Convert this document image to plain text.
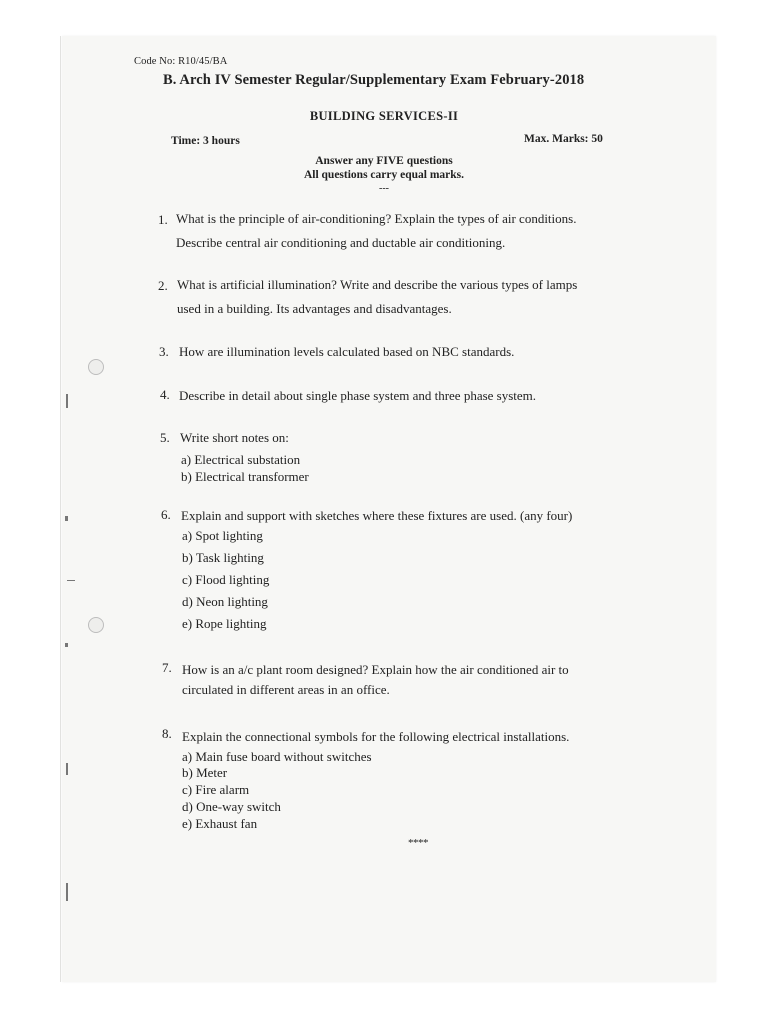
Code No: R10/45/BA
B. Arch IV Semester Regular/Supplementary Exam February-2018
BUILDING SERVICES-II
Time: 3 hours	Max. Marks: 50
Answer any FIVE questions
All questions carry equal marks.
---
1. What is the principle of air-conditioning? Explain the types of air conditions.
Describe central air conditioning and ductable air conditioning.
2. What is artificial illumination? Write and describe the various types of lamps
used in a building. Its advantages and disadvantages.
3. How are illumination levels calculated based on NBC standards.
4. Describe in detail about single phase system and three phase system.
5. Write short notes on:
a) Electrical substation
b) Electrical transformer
6. Explain and support with sketches where these fixtures are used. (any four)
a) Spot lighting
b) Task lighting
c) Flood lighting
d) Neon lighting
e) Rope lighting
7. How is an a/c plant room designed? Explain how the air conditioned air to
circulated in different areas in an office.
8. Explain the connectional symbols for the following electrical installations.
a) Main fuse board without switches
b) Meter
c) Fire alarm
d) One-way switch
e) Exhaust fan
****
